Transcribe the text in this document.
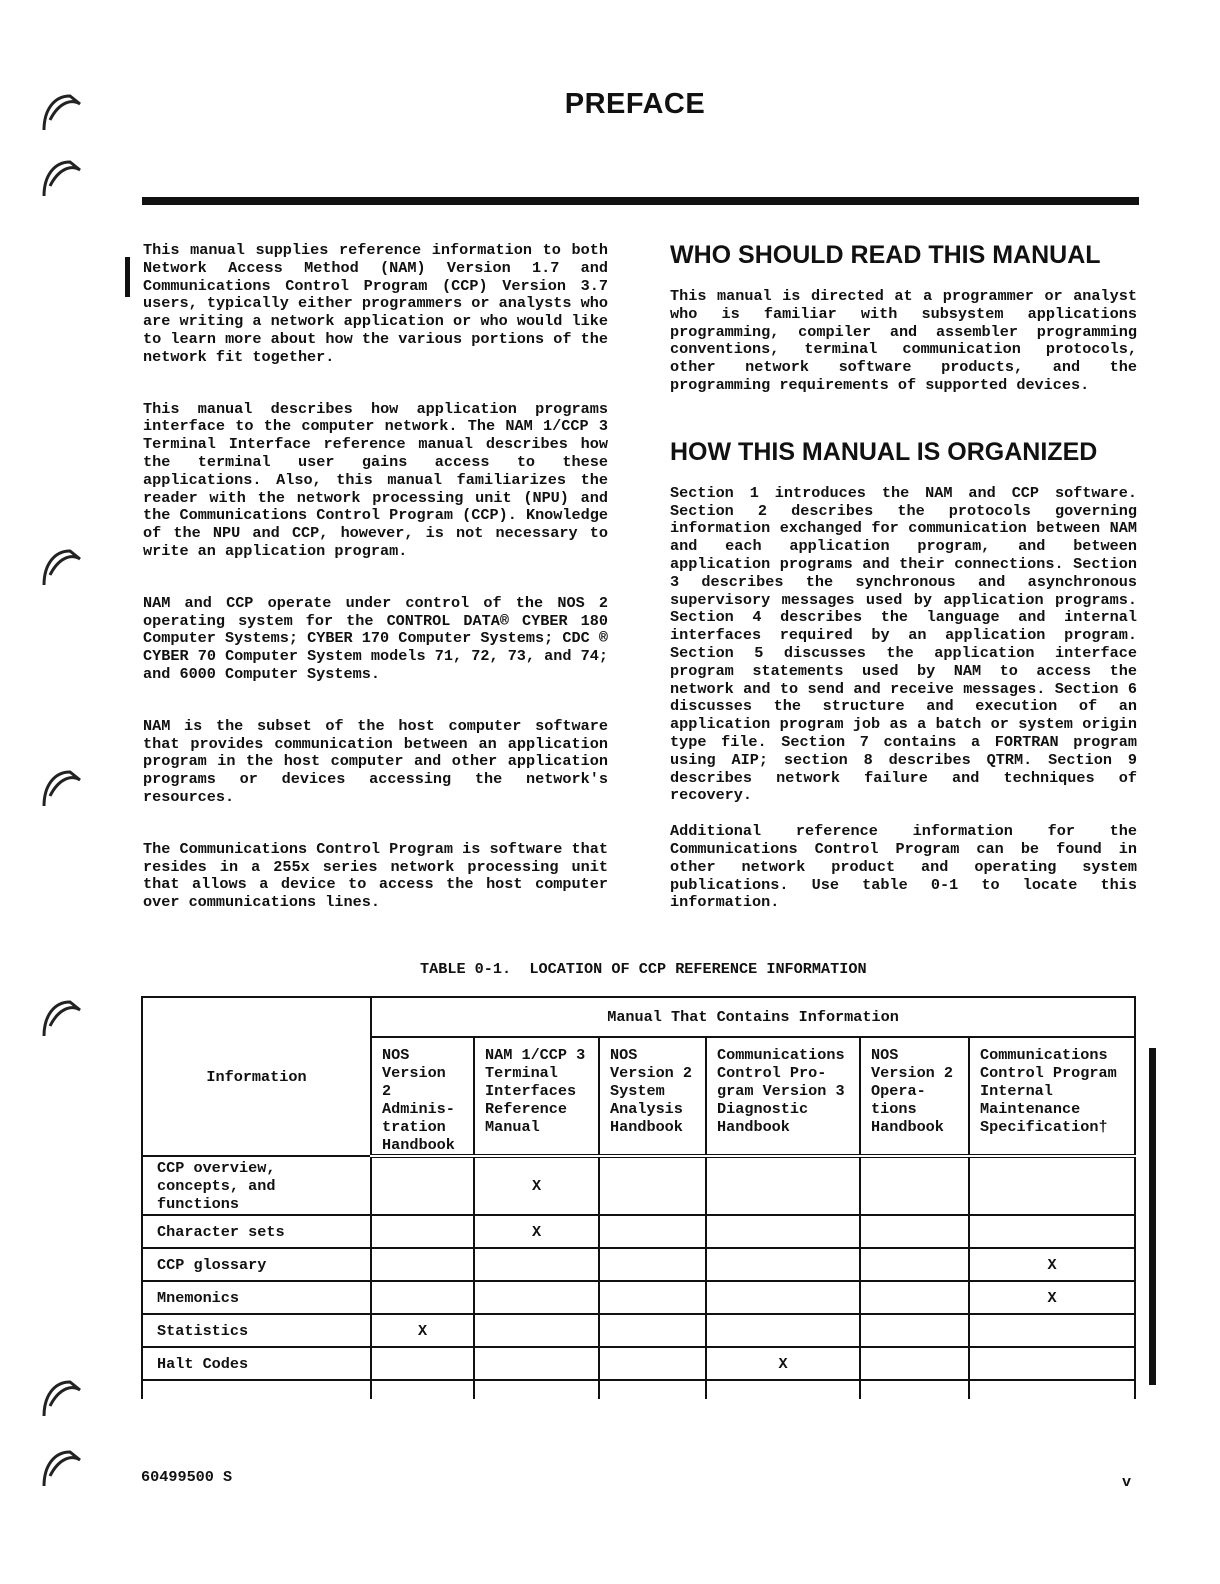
PREFACE

This manual supplies reference information to both Network Access Method (NAM) Version 1.7 and Communications Control Program (CCP) Version 3.7 users, typically either programmers or analysts who are writing a network application or who would like to learn more about how the various portions of the network fit together.

This manual describes how application programs interface to the computer network. The NAM 1/CCP 3 Terminal Interface reference manual describes how the terminal user gains access to these applications. Also, this manual familiarizes the reader with the network processing unit (NPU) and the Communications Control Program (CCP). Knowledge of the NPU and CCP, however, is not necessary to write an application program.

NAM and CCP operate under control of the NOS 2 operating system for the CONTROL DATA® CYBER 180 Computer Systems; CYBER 170 Computer Systems; CDC ® CYBER 70 Computer System models 71, 72, 73, and 74; and 6000 Computer Systems.

NAM is the subset of the host computer software that provides communication between an application program in the host computer and other application programs or devices accessing the network's resources.

The Communications Control Program is software that resides in a 255x series network processing unit that allows a device to access the host computer over communications lines.

WHO SHOULD READ THIS MANUAL

This manual is directed at a programmer or analyst who is familiar with subsystem applications programming, compiler and assembler programming conventions, terminal communication protocols, other network software products, and the programming requirements of supported devices.

HOW THIS MANUAL IS ORGANIZED

Section 1 introduces the NAM and CCP software. Section 2 describes the protocols governing information exchanged for communication between NAM and each application program, and between application programs and their connections. Section 3 describes the synchronous and asynchronous supervisory messages used by application programs. Section 4 describes the language and internal interfaces required by an application program. Section 5 discusses the application interface program statements used by NAM to access the network and to send and receive messages. Section 6 discusses the structure and execution of an application program job as a batch or system origin type file. Section 7 contains a FORTRAN program using AIP; section 8 describes QTRM. Section 9 describes network failure and techniques of recovery.

Additional reference information for the Communications Control Program can be found in other network product and operating system publications. Use table 0-1 to locate this information.

TABLE 0-1.  LOCATION OF CCP REFERENCE INFORMATION
Information	Manual That Contains Information					
	NOS
Version 2
Adminis-
tration
Handbook	NAM 1/CCP 3
Terminal
Interfaces
Reference
Manual	NOS
Version 2
System
Analysis
Handbook	Communications
Control Pro-
gram Version 3
Diagnostic
Handbook	NOS
Version 2
Opera-
tions
Handbook	Communications
Control Program
Internal
Maintenance
Specification†
CCP overview, concepts, and functions		X				
Character sets		X				
CCP glossary						X
Mnemonics						X
Statistics	X					
Halt Codes				X		

60499500 S	v
